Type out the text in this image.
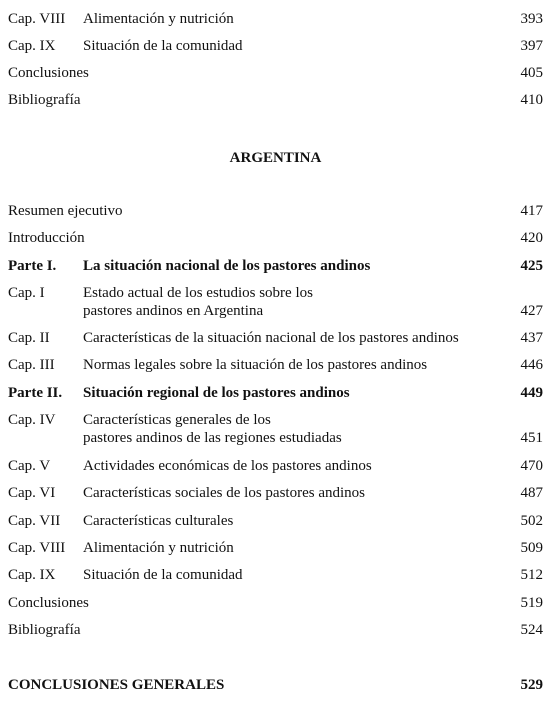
Cap. VIII Alimentación y nutrición	393
Cap. IX Situación de la comunidad	397
Conclusiones	405
Bibliografía	410
ARGENTINA
Resumen ejecutivo	417
Introducción	420
Parte I. La situación nacional de los pastores andinos	425
Cap. I	Estado actual de los estudios sobre los
pastores andinos en Argentina	427
Cap. II Características de la situación nacional de los pastores andinos	437
Cap. III Normas legales sobre la situación de los pastores andinos	446
Parte II. Situación regional de los pastores andinos	449
Cap. IV Características generales de los
pastores andinos de las regiones estudiadas	451
Cap. V Actividades económicas de los pastores andinos	470
Cap. VI Características sociales de los pastores andinos	487
Cap. VII Características culturales	502
Cap. VIII Alimentación y nutrición	509
Cap. IX Situación de la comunidad	512
Conclusiones	519
Bibliografía	524
CONCLUSIONES GENERALES	529
